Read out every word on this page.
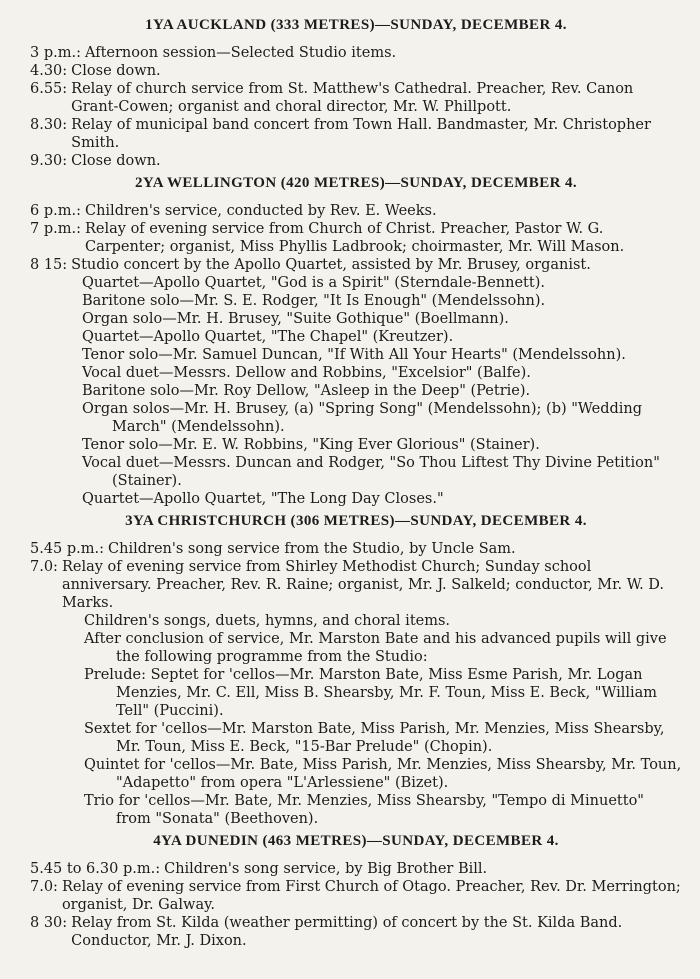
1YA AUCKLAND (333 METRES)—SUNDAY, DECEMBER 4.
3 p.m.: Afternoon session—Selected Studio items.
4.30: Close down.
6.55: Relay of church service from St. Matthew's Cathedral. Preacher, Rev. Canon Grant-Cowen; organist and choral director, Mr. W. Phillpott.
8.30: Relay of municipal band concert from Town Hall. Bandmaster, Mr. Christopher Smith.
9.30: Close down.
2YA WELLINGTON (420 METRES)—SUNDAY, DECEMBER 4.
6 p.m.: Children's service, conducted by Rev. E. Weeks.
7 p.m.: Relay of evening service from Church of Christ. Preacher, Pastor W. G. Carpenter; organist, Miss Phyllis Ladbrook; choirmaster, Mr. Will Mason.
8 15: Studio concert by the Apollo Quartet, assisted by Mr. Brusey, organist.
Quartet—Apollo Quartet, "God is a Spirit" (Sterndale-Bennett).
Baritone solo—Mr. S. E. Rodger, "It Is Enough" (Mendelssohn).
Organ solo—Mr. H. Brusey, "Suite Gothique" (Boellmann).
Quartet—Apollo Quartet, "The Chapel" (Kreutzer).
Tenor solo—Mr. Samuel Duncan, "If With All Your Hearts" (Mendelssohn).
Vocal duet—Messrs. Dellow and Robbins, "Excelsior" (Balfe).
Baritone solo—Mr. Roy Dellow, "Asleep in the Deep" (Petrie).
Organ solos—Mr. H. Brusey, (a) "Spring Song" (Mendelssohn); (b) "Wedding March" (Mendelssohn).
Tenor solo—Mr. E. W. Robbins, "King Ever Glorious" (Stainer).
Vocal duet—Messrs. Duncan and Rodger, "So Thou Liftest Thy Divine Petition" (Stainer).
Quartet—Apollo Quartet, "The Long Day Closes."
3YA CHRISTCHURCH (306 METRES)—SUNDAY, DECEMBER 4.
5.45 p.m.: Children's song service from the Studio, by Uncle Sam.
7.0: Relay of evening service from Shirley Methodist Church; Sunday school anniversary. Preacher, Rev. R. Raine; organist, Mr. J. Salkeld; conductor, Mr. W. D. Marks.
Children's songs, duets, hymns, and choral items.
After conclusion of service, Mr. Marston Bate and his advanced pupils will give the following programme from the Studio:
Prelude: Septet for 'cellos—Mr. Marston Bate, Miss Esme Parish, Mr. Logan Menzies, Mr. C. Ell, Miss B. Shearsby, Mr. F. Toun, Miss E. Beck, "William Tell" (Puccini).
Sextet for 'cellos—Mr. Marston Bate, Miss Parish, Mr. Menzies, Miss Shearsby, Mr. Toun, Miss E. Beck, "15-Bar Prelude" (Chopin).
Quintet for 'cellos—Mr. Bate, Miss Parish, Mr. Menzies, Miss Shearsby, Mr. Toun, "Adapetto" from opera "L'Arlessiene" (Bizet).
Trio for 'cellos—Mr. Bate, Mr. Menzies, Miss Shearsby, "Tempo di Minuetto" from "Sonata" (Beethoven).
4YA DUNEDIN (463 METRES)—SUNDAY, DECEMBER 4.
5.45 to 6.30 p.m.: Children's song service, by Big Brother Bill.
7.0: Relay of evening service from First Church of Otago. Preacher, Rev. Dr. Merrington; organist, Dr. Galway.
8 30: Relay from St. Kilda (weather permitting) of concert by the St. Kilda Band. Conductor, Mr. J. Dixon.
